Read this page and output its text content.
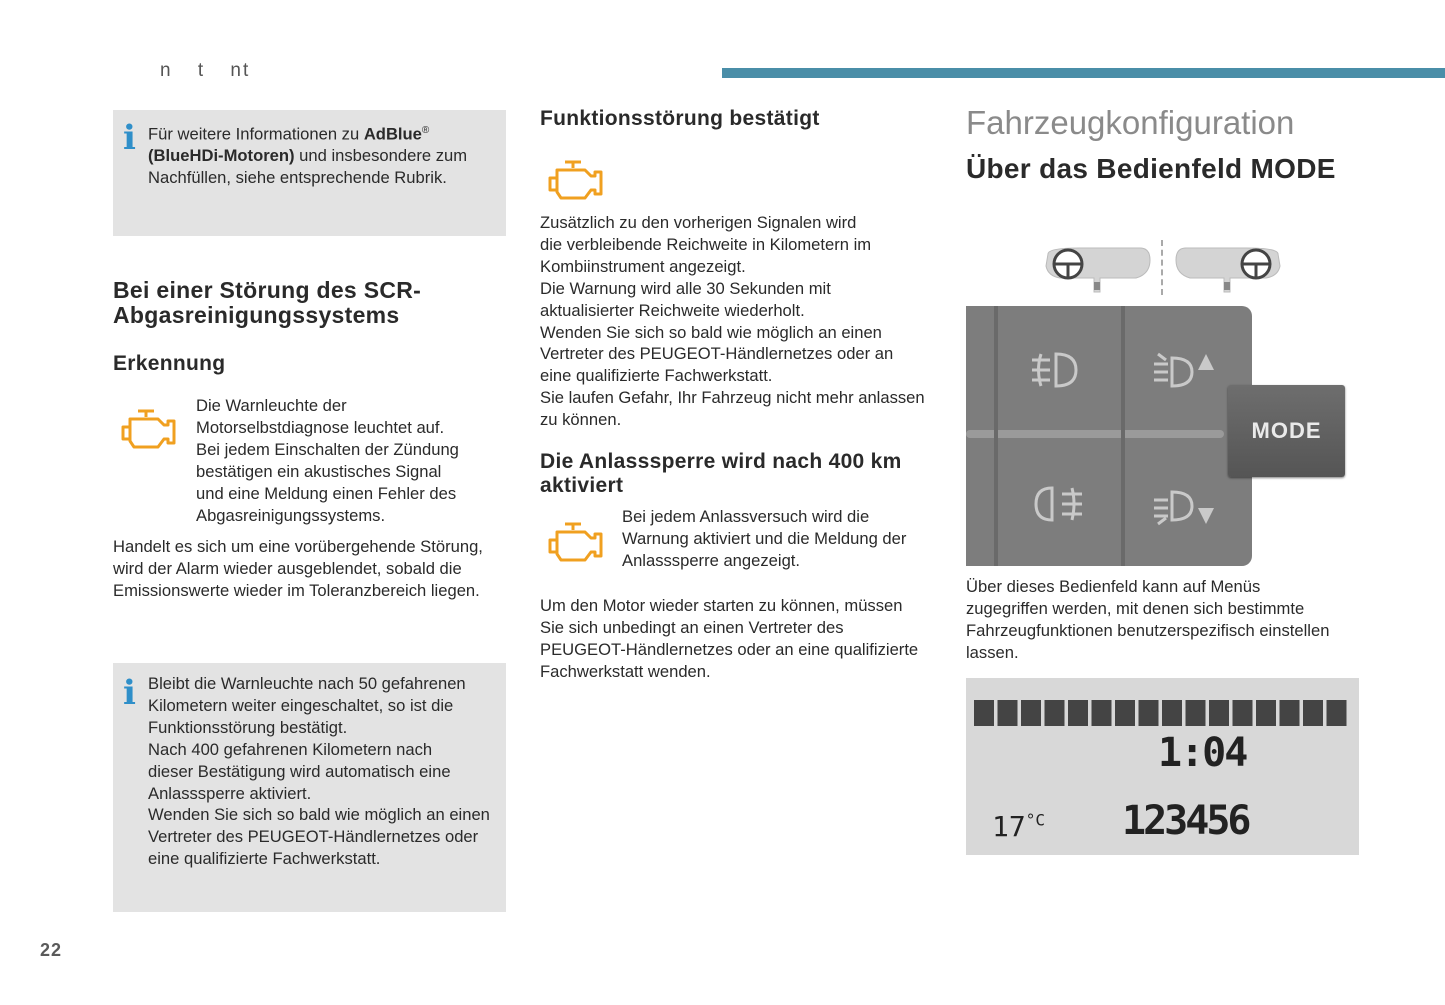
n t nt
i Für weitere Informationen zu AdBlue®
(BlueHDi-Motoren) und insbesondere zum
Nachfüllen, siehe entsprechende Rubrik.
Bei einer Störung des SCR-
Abgasreinigungssystems
Erkennung
Die Warnleuchte der
Motorselbstdiagnose leuchtet auf.
Bei jedem Einschalten der Zündung
bestätigen ein akustisches Signal
und eine Meldung einen Fehler des
Abgasreinigungssystems.
Handelt es sich um eine vorübergehende Störung,
wird der Alarm wieder ausgeblendet, sobald die
Emissionswerte wieder im Toleranzbereich liegen.
i Bleibt die Warnleuchte nach 50 gefahrenen
Kilometern weiter eingeschaltet, so ist die
Funktionsstörung bestätigt.
Nach 400 gefahrenen Kilometern nach
dieser Bestätigung wird automatisch eine
Anlasssperre aktiviert.
Wenden Sie sich so bald wie möglich an einen
Vertreter des PEUGEOT-Händlernetzes oder
eine qualifizierte Fachwerkstatt.
Funktionsstörung bestätigt
Zusätzlich zu den vorherigen Signalen wird
die verbleibende Reichweite in Kilometern im
Kombiinstrument angezeigt.
Die Warnung wird alle 30 Sekunden mit
aktualisierter Reichweite wiederholt.
Wenden Sie sich so bald wie möglich an einen
Vertreter des PEUGEOT-Händlernetzes oder an
eine qualifizierte Fachwerkstatt.
Sie laufen Gefahr, Ihr Fahrzeug nicht mehr anlassen
zu können.
Die Anlasssperre wird nach 400 km
aktiviert
Bei jedem Anlassversuch wird die
Warnung aktiviert und die Meldung der
Anlasssperre angezeigt.
Um den Motor wieder starten zu können, müssen
Sie sich unbedingt an einen Vertreter des
PEUGEOT-Händlernetzes oder an eine qualifizierte
Fachwerkstatt wenden.
Fahrzeugkonfiguration
Über das Bedienfeld MODE
MODE
Über dieses Bedienfeld kann auf Menüs
zugegriffen werden, mit denen sich bestimmte
Fahrzeugfunktionen benutzerspezifisch einstellen
lassen.
1:04
$17^{^\circ C}$ 123456
22
